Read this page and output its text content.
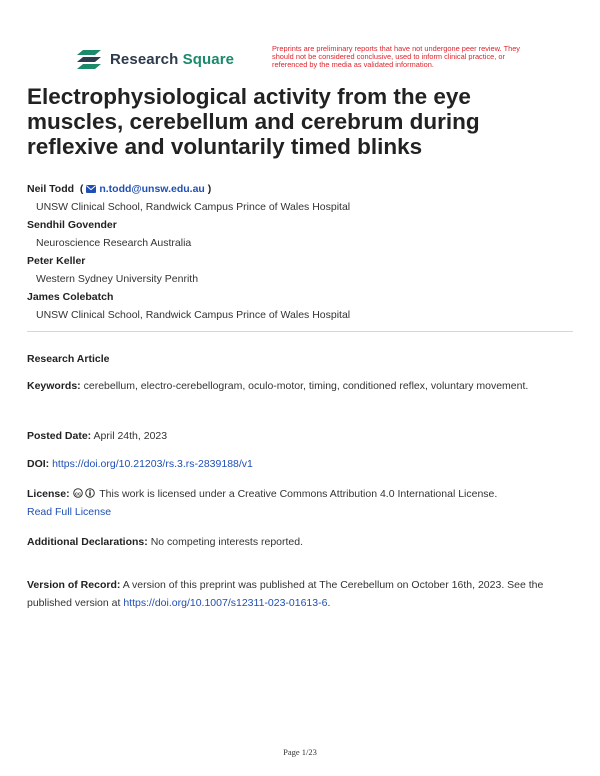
Research Square
Preprints are preliminary reports that have not undergone peer review. They should not be considered conclusive, used to inform clinical practice, or referenced by the media as validated information.
Electrophysiological activity from the eye muscles, cerebellum and cerebrum during reflexive and voluntarily timed blinks
Neil Todd  ( n.todd@unsw.edu.au )
UNSW Clinical School, Randwick Campus Prince of Wales Hospital
Sendhil Govender
Neuroscience Research Australia
Peter Keller
Western Sydney University Penrith
James Colebatch
UNSW Clinical School, Randwick Campus Prince of Wales Hospital
Research Article
Keywords: cerebellum, electro-cerebellogram, oculo-motor, timing, conditioned reflex, voluntary movement.
Posted Date: April 24th, 2023
DOI: https://doi.org/10.21203/rs.3.rs-2839188/v1
License: cc This work is licensed under a Creative Commons Attribution 4.0 International License.
Read Full License
Additional Declarations: No competing interests reported.
Version of Record: A version of this preprint was published at The Cerebellum on October 16th, 2023. See the published version at https://doi.org/10.1007/s12311-023-01613-6.
Page 1/23
